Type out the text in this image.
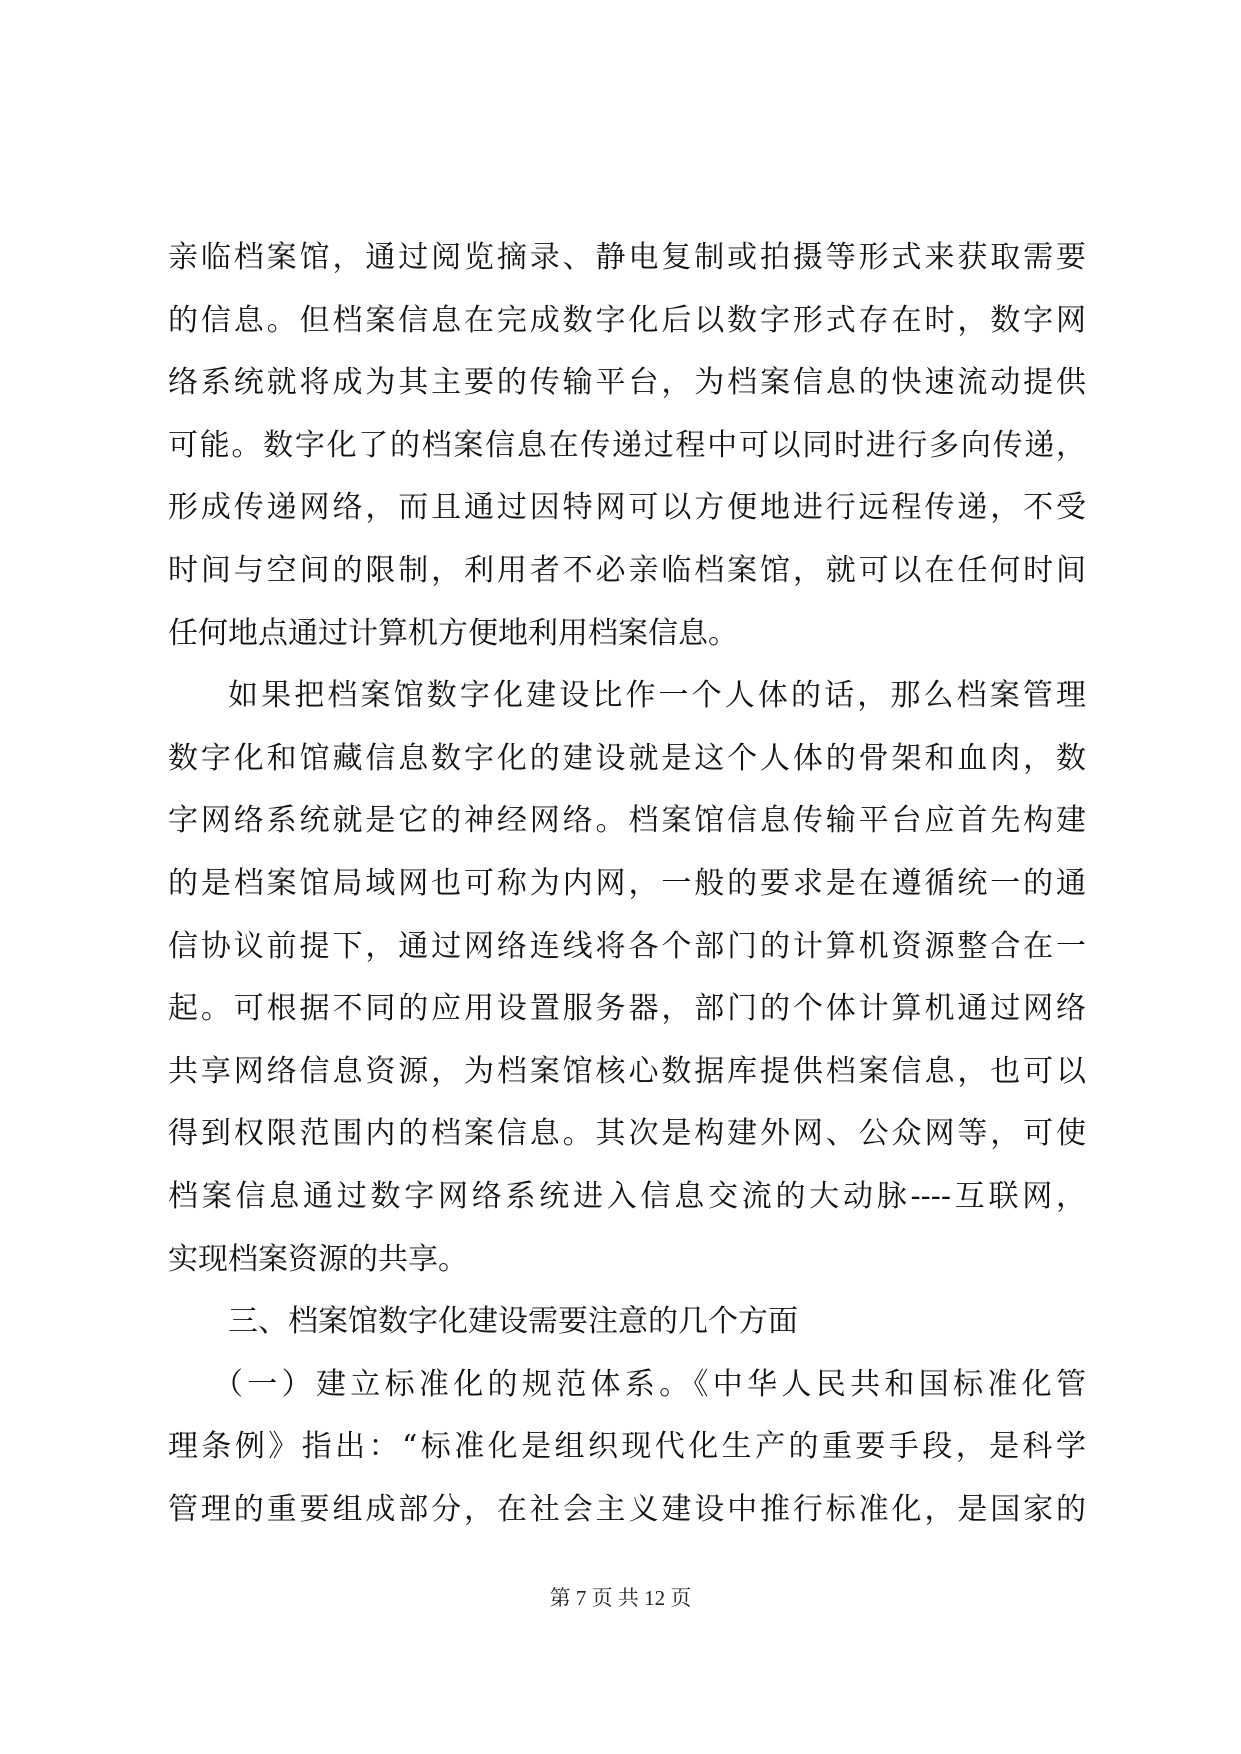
亲临档案馆，通过阅览摘录、静电复制或拍摄等形式来获取需要
的信息。但档案信息在完成数字化后以数字形式存在时，数字网
络系统就将成为其主要的传输平台，为档案信息的快速流动提供
可能。数字化了的档案信息在传递过程中可以同时进行多向传递，
形成传递网络，而且通过因特网可以方便地进行远程传递，不受
时间与空间的限制，利用者不必亲临档案馆，就可以在任何时间
任何地点通过计算机方便地利用档案信息。
如果把档案馆数字化建设比作一个人体的话，那么档案管理
数字化和馆藏信息数字化的建设就是这个人体的骨架和血肉，数
字网络系统就是它的神经网络。档案馆信息传输平台应首先构建
的是档案馆局域网也可称为内网，一般的要求是在遵循统一的通
信协议前提下，通过网络连线将各个部门的计算机资源整合在一
起。可根据不同的应用设置服务器，部门的个体计算机通过网络
共享网络信息资源，为档案馆核心数据库提供档案信息，也可以
得到权限范围内的档案信息。其次是构建外网、公众网等，可使
档案信息通过数字网络系统进入信息交流的大动脉----互联网，
实现档案资源的共享。
三、档案馆数字化建设需要注意的几个方面
（一）建立标准化的规范体系。《中华人民共和国标准化管
理条例》指出：“标准化是组织现代化生产的重要手段，是科学
管理的重要组成部分，在社会主义建设中推行标准化，是国家的
第 7 页 共 12 页
